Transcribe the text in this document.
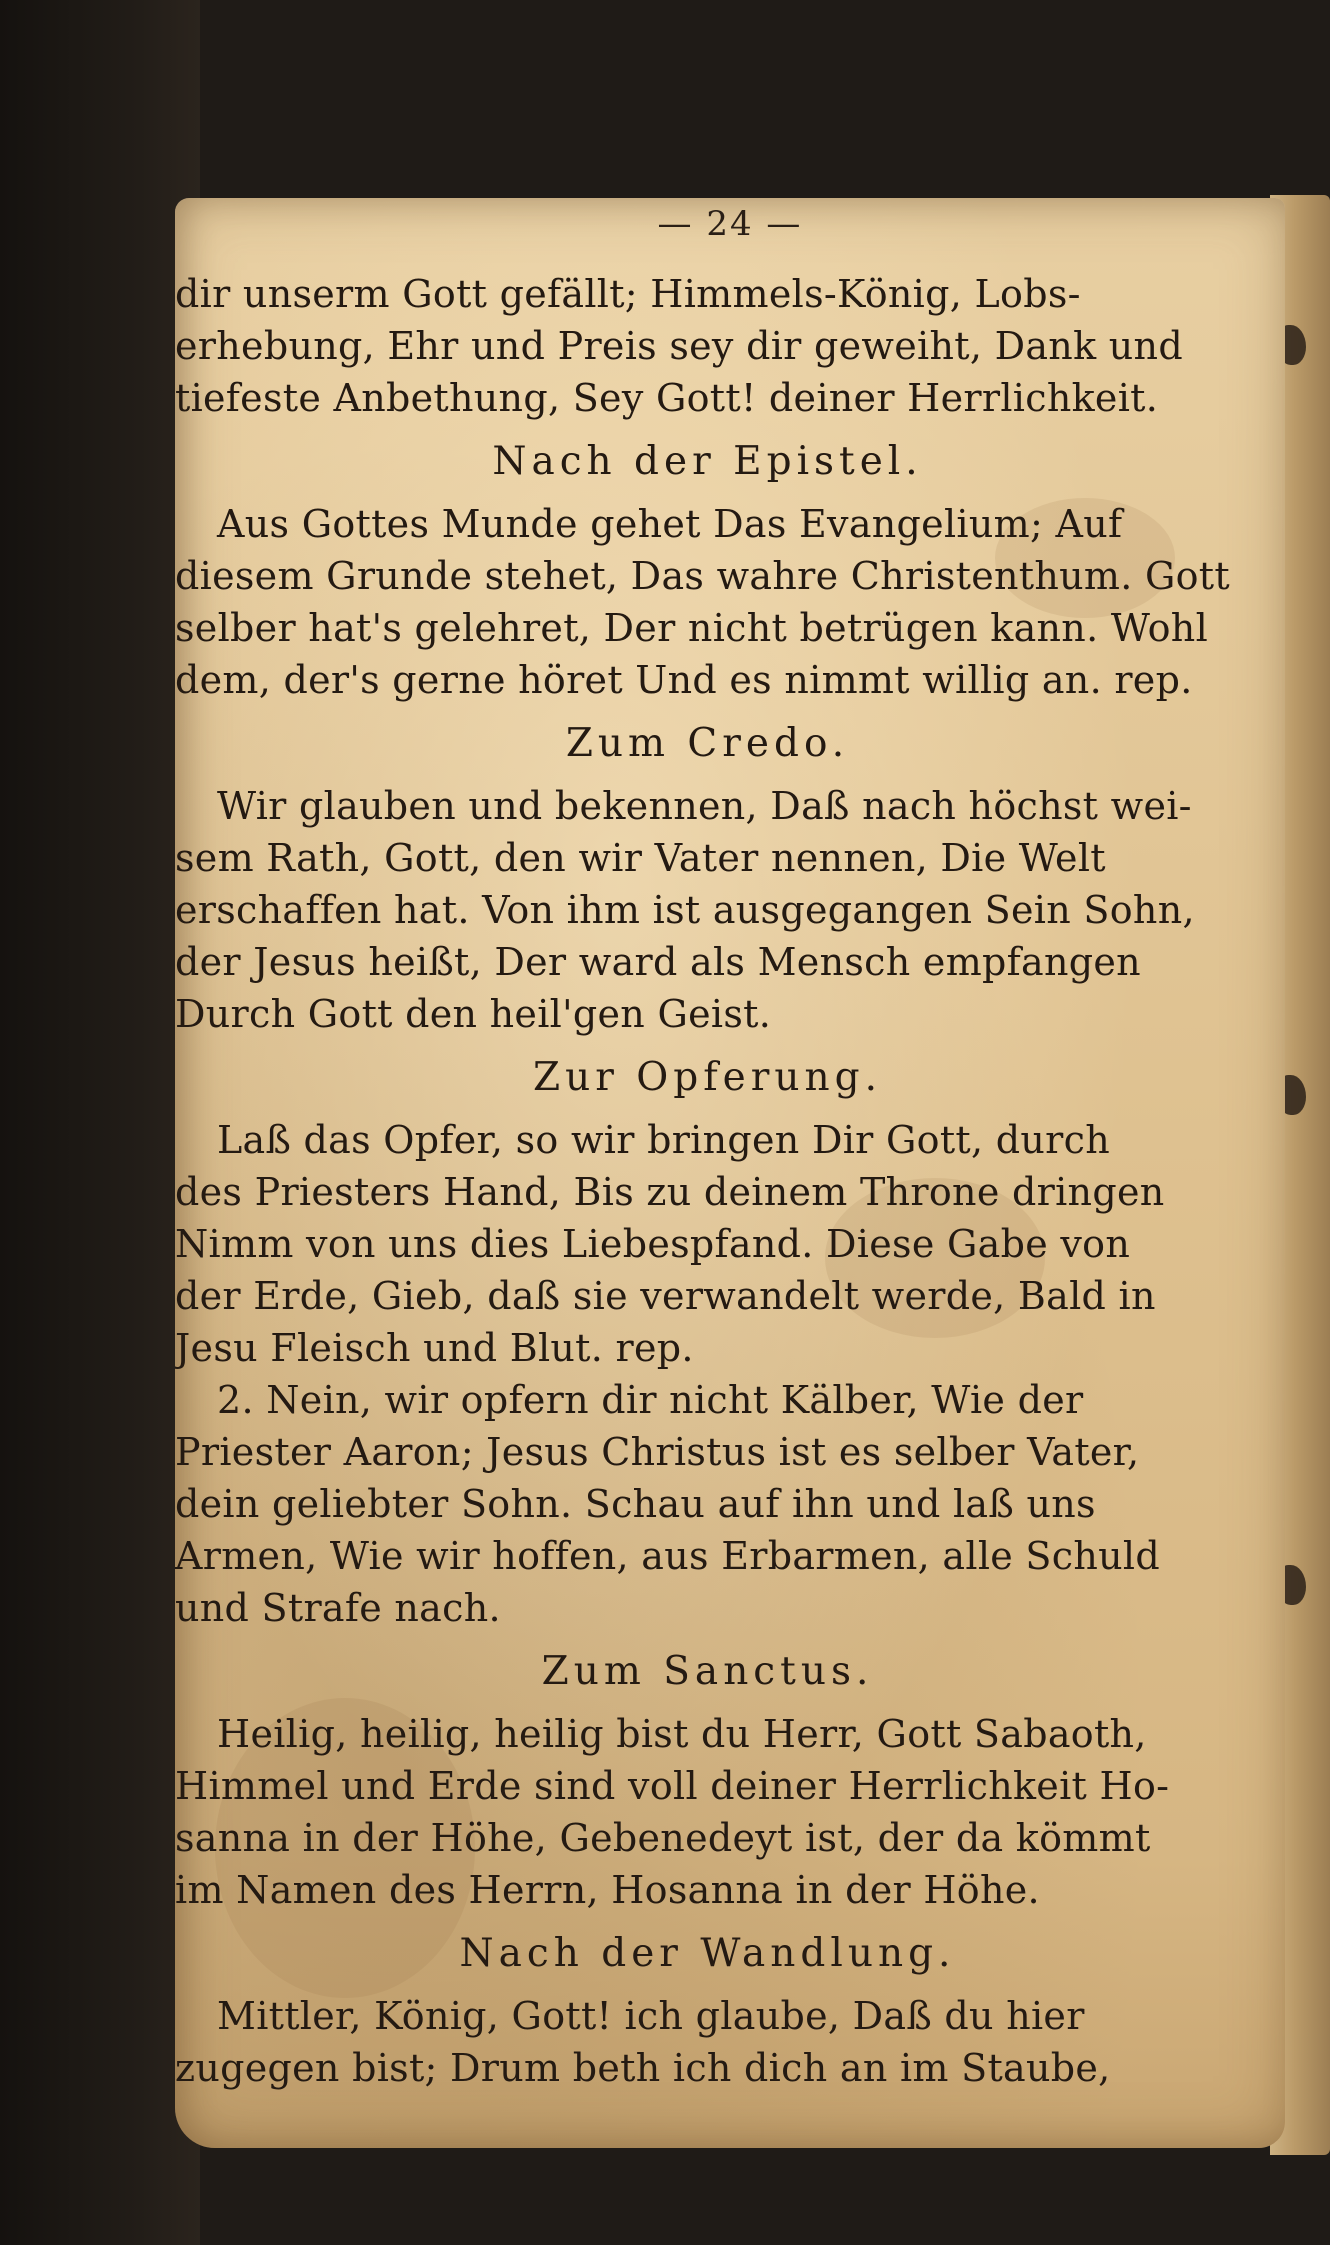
— 24 —
dir unserm Gott gefällt; Himmels-König, Lobs-
erhebung, Ehr und Preis sey dir geweiht, Dank und
tiefeste Anbethung, Sey Gott! deiner Herrlichkeit.
Nach der Epistel.
Aus Gottes Munde gehet Das Evangelium; Auf
diesem Grunde stehet, Das wahre Christenthum. Gott
selber hat's gelehret, Der nicht betrügen kann. Wohl
dem, der's gerne höret Und es nimmt willig an. rep.
Zum Credo.
Wir glauben und bekennen, Daß nach höchst wei-
sem Rath, Gott, den wir Vater nennen, Die Welt
erschaffen hat. Von ihm ist ausgegangen Sein Sohn,
der Jesus heißt, Der ward als Mensch empfangen
Durch Gott den heil'gen Geist.
Zur Opferung.
Laß das Opfer, so wir bringen Dir Gott, durch
des Priesters Hand, Bis zu deinem Throne dringen
Nimm von uns dies Liebespfand. Diese Gabe von
der Erde, Gieb, daß sie verwandelt werde, Bald in
Jesu Fleisch und Blut. rep.
2. Nein, wir opfern dir nicht Kälber, Wie der
Priester Aaron; Jesus Christus ist es selber Vater,
dein geliebter Sohn. Schau auf ihn und laß uns
Armen, Wie wir hoffen, aus Erbarmen, alle Schuld
und Strafe nach.
Zum Sanctus.
Heilig, heilig, heilig bist du Herr, Gott Sabaoth,
Himmel und Erde sind voll deiner Herrlichkeit Ho-
sanna in der Höhe, Gebenedeyt ist, der da kömmt
im Namen des Herrn, Hosanna in der Höhe.
Nach der Wandlung.
Mittler, König, Gott! ich glaube, Daß du hier
zugegen bist; Drum beth ich dich an im Staube,
